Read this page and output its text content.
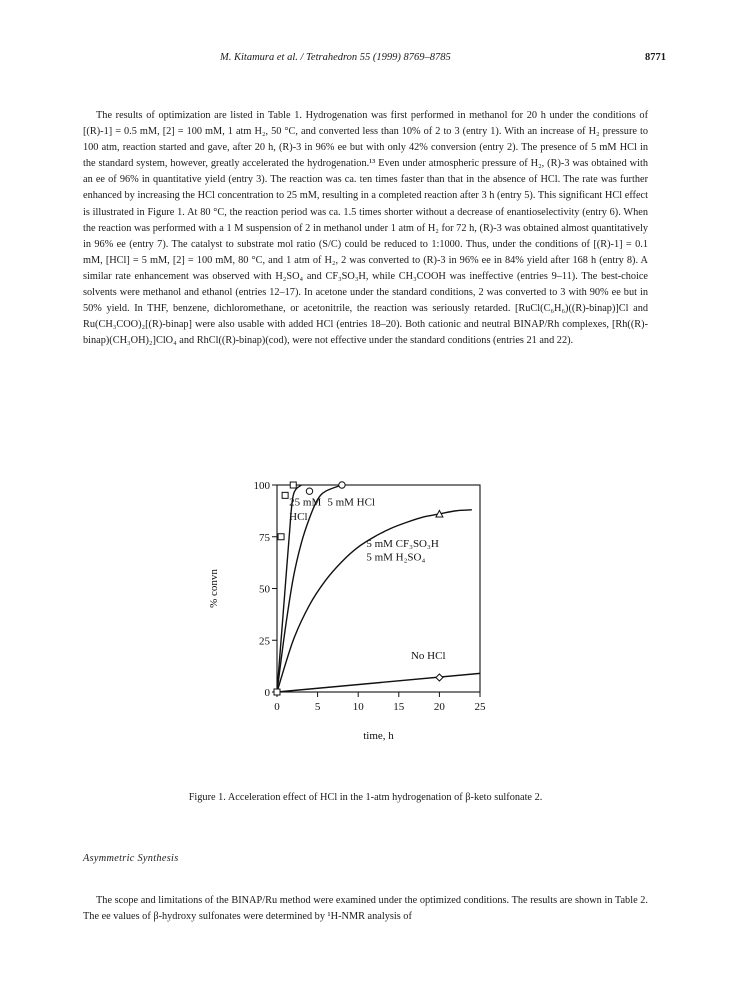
M. Kitamura et al. / Tetrahedron 55 (1999) 8769–8785	8771

The results of optimization are listed in Table 1. Hydrogenation was first performed in methanol for 20 h under the conditions of [(R)-1] = 0.5 mM, [2] = 100 mM, 1 atm H₂, 50 °C, and converted less than 10% of 2 to 3 (entry 1). With an increase of H₂ pressure to 100 atm, reaction started and gave, after 20 h, (R)-3 in 96% ee but with only 42% conversion (entry 2). The presence of 5 mM HCl in the standard system, however, greatly accelerated the hydrogenation.¹³ Even under atmospheric pressure of H₂, (R)-3 was obtained with an ee of 96% in quantitative yield (entry 3). The reaction was ca. ten times faster than that in the absence of HCl. The rate was further enhanced by increasing the HCl concentration to 25 mM, resulting in a completed reaction after 3 h (entry 5). This significant HCl effect is illustrated in Figure 1. At 80 °C, the reaction period was ca. 1.5 times shorter without a decrease of enantioselectivity (entry 6). When the reaction was performed with a 1 M suspension of 2 in methanol under 1 atm of H₂ for 72 h, (R)-3 was obtained almost quantitatively in 96% ee (entry 7). The catalyst to substrate mol ratio (S/C) could be reduced to 1:1000. Thus, under the conditions of [(R)-1] = 0.1 mM, [HCl] = 5 mM, [2] = 100 mM, 80 °C, and 1 atm of H₂, 2 was converted to (R)-3 in 96% ee in 84% yield after 168 h (entry 8). A similar rate enhancement was observed with H₂SO₄ and CF₃SO₃H, while CH₃COOH was ineffective (entries 9–11). The best-choice solvents were methanol and ethanol (entries 12–17). In acetone under the standard conditions, 2 was converted to 3 with 90% ee but in 50% yield. In THF, benzene, dichloromethane, or acetonitrile, the reaction was seriously retarded. [RuCl(C₆H₆)((R)-binap)]Cl and Ru(CH₃COO)₂[(R)-binap] were also usable with added HCl (entries 18–20). Both cationic and neutral BINAP/Rh complexes, [Rh((R)-binap)(CH₃OH)₂]ClO₄ and RhCl((R)-binap)(cod), were not effective under the standard conditions (entries 21 and 22).

0	5	10	15	20	25
0
25
50
75
100
time, h
% convn
25 mM
HCl
5 mM HCl
5 mM CF₃SO₃H
5 mM H₂SO₄
No HCl

Figure 1. Acceleration effect of HCl in the 1-atm hydrogenation of β-keto sulfonate 2.

Asymmetric Synthesis

The scope and limitations of the BINAP/Ru method were examined under the optimized conditions. The results are shown in Table 2. The ee values of β-hydroxy sulfonates were determined by ¹H-NMR analysis of
